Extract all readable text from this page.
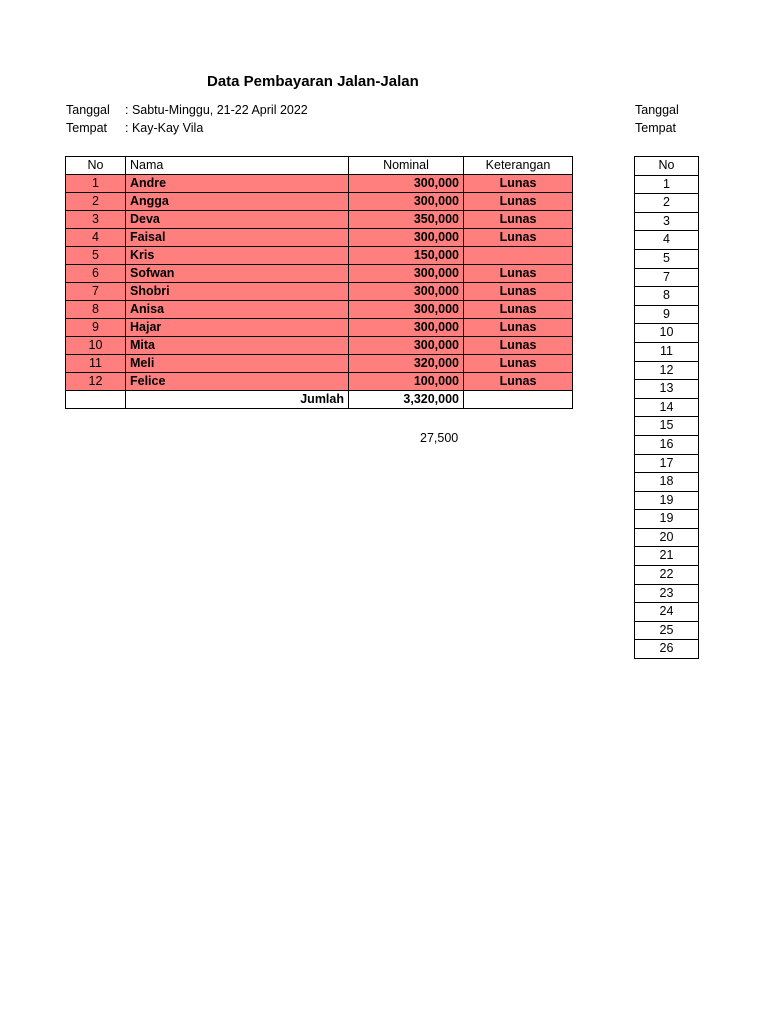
Data Pembayaran Jalan-Jalan
Tanggal : Sabtu-Minggu, 21-22 April 2022
Tempat : Kay-Kay Vila
Tanggal
Tempat
No	Nama	Nominal	Keterangan
1	Andre	300,000	Lunas
2	Angga	300,000	Lunas
3	Deva	350,000	Lunas
4	Faisal	300,000	Lunas
5	Kris	150,000	
6	Sofwan	300,000	Lunas
7	Shobri	300,000	Lunas
8	Anisa	300,000	Lunas
9	Hajar	300,000	Lunas
10	Mita	300,000	Lunas
11	Meli	320,000	Lunas
12	Felice	100,000	Lunas
	Jumlah	3,320,000	
27,500
No
1
2
3
4
5
7
8
9
10
11
12
13
14
15
16
17
18
19
19
20
21
22
23
24
25
26
